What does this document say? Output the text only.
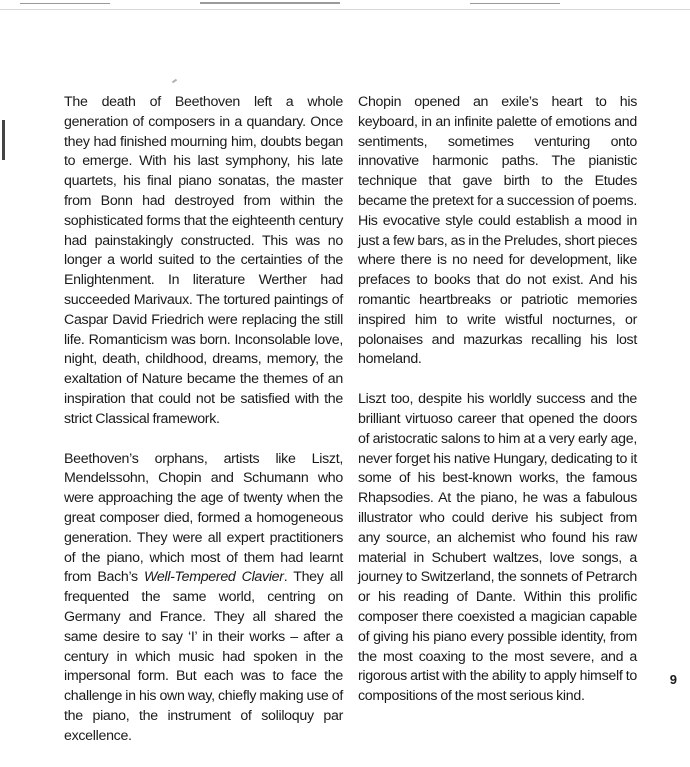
The death of Beethoven left a whole generation of composers in a quandary. Once they had finished mourning him, doubts began to emerge. With his last symphony, his late quartets, his final piano sonatas, the master from Bonn had destroyed from within the sophisticated forms that the eighteenth century had painstakingly constructed. This was no longer a world suited to the certainties of the Enlightenment. In literature Werther had succeeded Marivaux. The tortured paintings of Caspar David Friedrich were replacing the still life. Romanticism was born. Inconsolable love, night, death, childhood, dreams, memory, the exaltation of Nature became the themes of an inspiration that could not be satisfied with the strict Classical framework.

Beethoven’s orphans, artists like Liszt, Mendelssohn, Chopin and Schumann who were approaching the age of twenty when the great composer died, formed a homogeneous generation. They were all expert practitioners of the piano, which most of them had learnt from Bach’s Well-Tempered Clavier. They all frequented the same world, centring on Germany and France. They all shared the same desire to say ‘I’ in their works – after a century in which music had spoken in the impersonal form. But each was to face the challenge in his own way, chiefly making use of the piano, the instrument of soliloquy par excellence.

Chopin opened an exile’s heart to his keyboard, in an infinite palette of emotions and sentiments, sometimes venturing onto innovative harmonic paths. The pianistic technique that gave birth to the Etudes became the pretext for a succession of poems. His evocative style could establish a mood in just a few bars, as in the Preludes, short pieces where there is no need for development, like prefaces to books that do not exist. And his romantic heartbreaks or patriotic memories inspired him to write wistful nocturnes, or polonaises and mazurkas recalling his lost homeland.

Liszt too, despite his worldly success and the brilliant virtuoso career that opened the doors of aristocratic salons to him at a very early age, never forget his native Hungary, dedicating to it some of his best-known works, the famous Rhapsodies. At the piano, he was a fabulous illustrator who could derive his subject from any source, an alchemist who found his raw material in Schubert waltzes, love songs, a journey to Switzerland, the sonnets of Petrarch or his reading of Dante. Within this prolific composer there coexisted a magician capable of giving his piano every possible identity, from the most coaxing to the most severe, and a rigorous artist with the ability to apply himself to compositions of the most serious kind.

9
